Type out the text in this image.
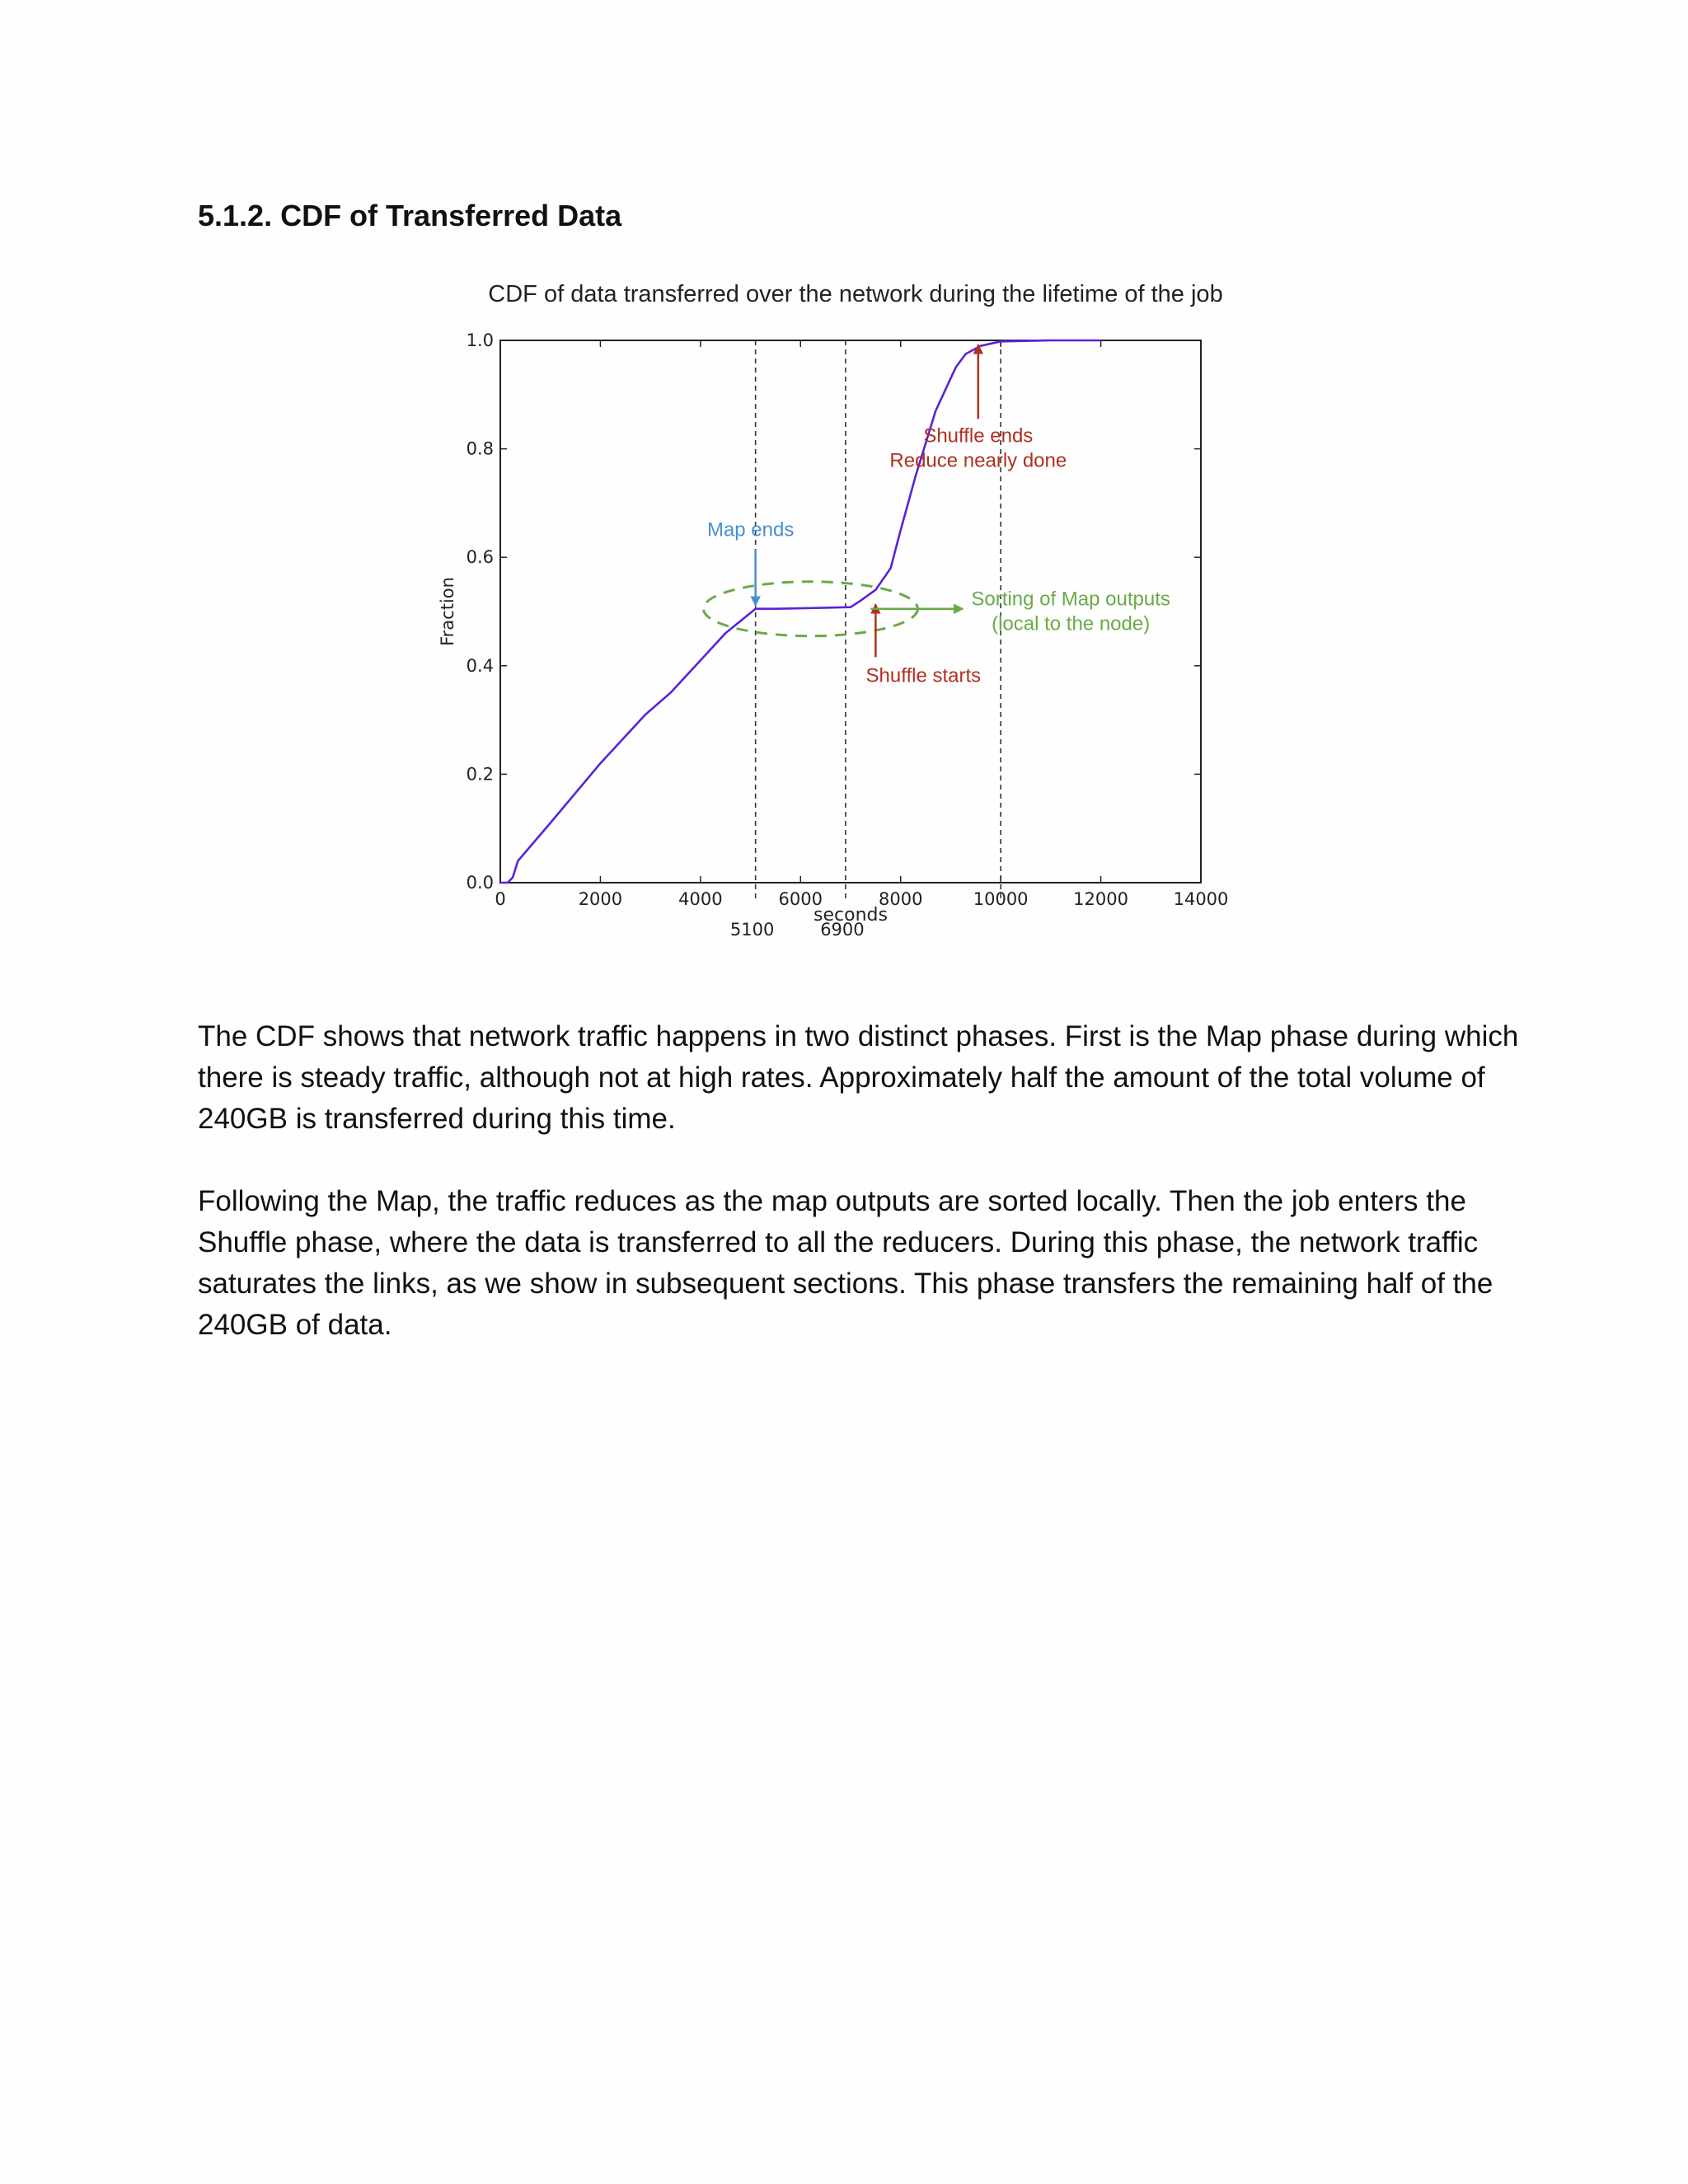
5.1.2. CDF of Transferred Data
CDF of data transferred over the network during the lifetime of the job
0	2000	4000	6000	8000	10000	12000	14000
0.0
0.2
0.4
0.6
0.8
1.0
Map ends
Shuffle starts
Shuffle ends
Reduce nearly done
Sorting of Map outputs
(local to the node)
5100	6900
seconds
Fraction

The CDF shows that network traffic happens in two distinct phases. First is the Map phase during which there is steady traffic, although not at high rates. Approximately half the amount of the total volume of 240GB is transferred during this time.

Following the Map, the traffic reduces as the map outputs are sorted locally. Then the job enters the Shuffle phase, where the data is transferred to all the reducers. During this phase, the network traffic saturates the links, as we show in subsequent sections. This phase transfers the remaining half of the 240GB of data.
